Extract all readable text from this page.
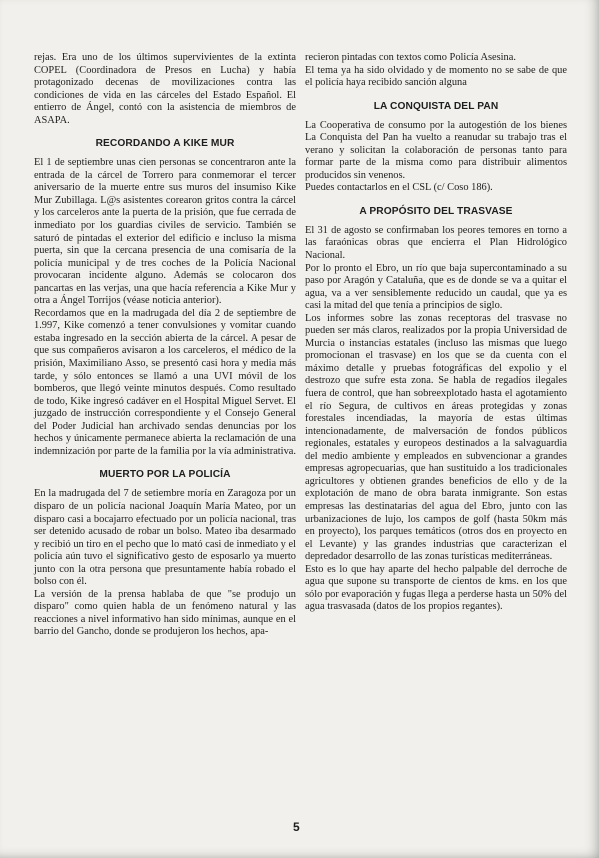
rejas. Era uno de los últimos supervivientes de la extinta COPEL (Coordinadora de Presos en Lucha) y había protagonizado decenas de movilizaciones contra las condiciones de vida en las cárceles del Estado Español. El entierro de Ángel, contó con la asistencia de miembros de ASAPA.

RECORDANDO A KIKE MUR

El 1 de septiembre unas cien personas se concentraron ante la entrada de la cárcel de Torrero para conmemorar el tercer aniversario de la muerte entre sus muros del insumiso Kike Mur Zubillaga. L@s asistentes corearon gritos contra la cárcel y los carceleros ante la puerta de la prisión, que fue cerrada de inmediato por los guardias civiles de servicio. También se saturó de pintadas el exterior del edificio e incluso la misma puerta, sin que la cercana presencia de una comisaría de la policía municipal y de tres coches de la Policía Nacional provocaran incidente alguno. Además se colocaron dos pancartas en las verjas, una que hacía referencia a Kike Mur y otra a Ángel Torrijos (véase noticia anterior).

Recordamos que en la madrugada del día 2 de septiembre de 1.997, Kike comenzó a tener convulsiones y vomitar cuando estaba ingresado en la sección abierta de la cárcel. A pesar de que sus compañeros avisaron a los carceleros, el médico de la prisión, Maximiliano Asso, se presentó casi hora y media más tarde, y sólo entonces se llamó a una UVI móvil de los bomberos, que llegó veinte minutos después. Como resultado de todo, Kike ingresó cadáver en el Hospital Miguel Servet. El juzgado de instrucción correspondiente y el Consejo General del Poder Judicial han archivado sendas denuncias por los hechos y únicamente permanece abierta la reclamación de una indemnización por parte de la familia por la vía administrativa.

MUERTO POR LA POLICÍA

En la madrugada del 7 de setiembre moría en Zaragoza por un disparo de un policía nacional Joaquín María Mateo, por un disparo casi a bocajarro efectuado por un policía nacional, tras ser detenido acusado de robar un bolso. Mateo iba desarmado y recibió un tiro en el pecho que lo mató casi de inmediato y el policía aún tuvo el significativo gesto de esposarlo ya muerto junto con la otra persona que presuntamente había robado el bolso con él.

La versión de la prensa hablaba de que "se produjo un disparo" como quien habla de un fenómeno natural y las reacciones a nivel informativo han sido mínimas, aunque en el barrio del Gancho, donde se produjeron los hechos, apa-

recieron pintadas con textos como Policía Asesina.

El tema ya ha sido olvidado y de momento no se sabe de que el policía haya recibido sanción alguna

LA CONQUISTA DEL PAN

La Cooperativa de consumo por la autogestión de los bienes La Conquista del Pan ha vuelto a reanudar su trabajo tras el verano y solicitan la colaboración de personas tanto para formar parte de la misma como para distribuir alimentos producidos sin venenos.

Puedes contactarlos en el CSL (c/ Coso 186).

A PROPÓSITO DEL TRASVASE

El 31 de agosto se confirmaban los peores temores en torno a las faraónicas obras que encierra el Plan Hidrológico Nacional.

Por lo pronto el Ebro, un río que baja supercontaminado a su paso por Aragón y Cataluña, que es de donde se va a quitar el agua, va a ver sensiblemente reducido un caudal, que ya es casi la mitad del que tenía a principios de siglo.

Los informes sobre las zonas receptoras del trasvase no pueden ser más claros, realizados por la propia Universidad de Murcia o instancias estatales (incluso las mismas que luego promocionan el trasvase) en los que se da cuenta con el máximo detalle y pruebas fotográficas del expolio y el destrozo que sufre esta zona. Se habla de regadíos ilegales fuera de control, que han sobreexplotado hasta el agotamiento el río Segura, de cultivos en áreas protegidas y zonas forestales incendiadas, la mayoría de estas últimas intencionadamente, de malversación de fondos públicos regionales, estatales y europeos destinados a la salvaguardia del medio ambiente y empleados en subvencionar a grandes empresas agropecuarias, que han sustituido a los tradicionales agricultores y obtienen grandes beneficios de ello y de la explotación de mano de obra barata inmigrante. Son estas empresas las destinatarias del agua del Ebro, junto con las urbanizaciones de lujo, los campos de golf (hasta 50km más en proyecto), los parques temáticos (otros dos en proyecto en el Levante) y las grandes industrias que caracterizan el depredador desarrollo de las zonas turísticas mediterráneas.

Esto es lo que hay aparte del hecho palpable del derroche de agua que supone su transporte de cientos de kms. en los que sólo por evaporación y fugas llega a perderse hasta un 50% del agua trasvasada (datos de los propios regantes).

5
